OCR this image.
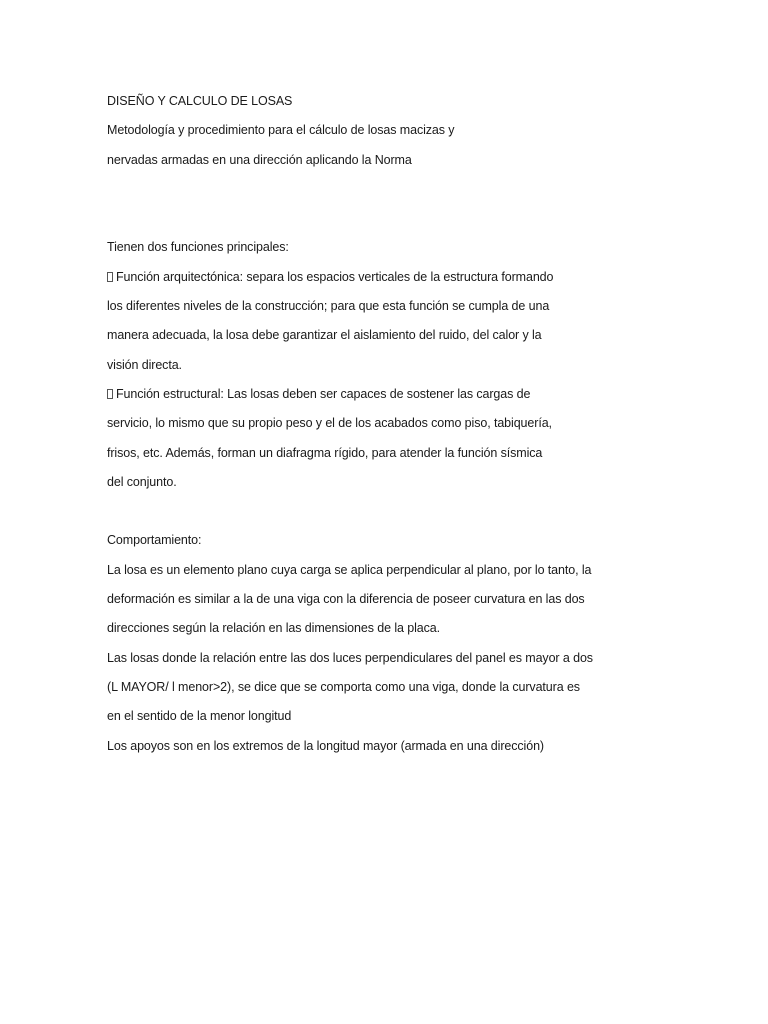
DISEÑO Y CALCULO DE LOSAS
Metodología y procedimiento para el cálculo de losas macizas y
nervadas armadas en una dirección aplicando la Norma
Tienen dos funciones principales:
Función arquitectónica: separa los espacios verticales de la estructura formando
los diferentes niveles de la construcción; para que esta función se cumpla de una
manera adecuada, la losa debe garantizar el aislamiento del ruido, del calor y la
visión directa.
Función estructural: Las losas deben ser capaces de sostener las cargas de
servicio, lo mismo que su propio peso y el de los acabados como piso, tabiquería,
frisos, etc. Además, forman un diafragma rígido, para atender la función sísmica
del conjunto.
Comportamiento:
La losa es un elemento plano cuya carga se aplica perpendicular al plano, por lo tanto, la
deformación es similar a la de una viga con la diferencia de poseer curvatura en las dos
direcciones según la relación en las dimensiones de la placa.
Las losas donde la relación entre las dos luces perpendiculares del panel es mayor a dos
(L MAYOR/ l menor>2), se dice que se comporta como una viga, donde la curvatura es
en el sentido de la menor longitud
Los apoyos son en los extremos de la longitud mayor (armada en una dirección)
